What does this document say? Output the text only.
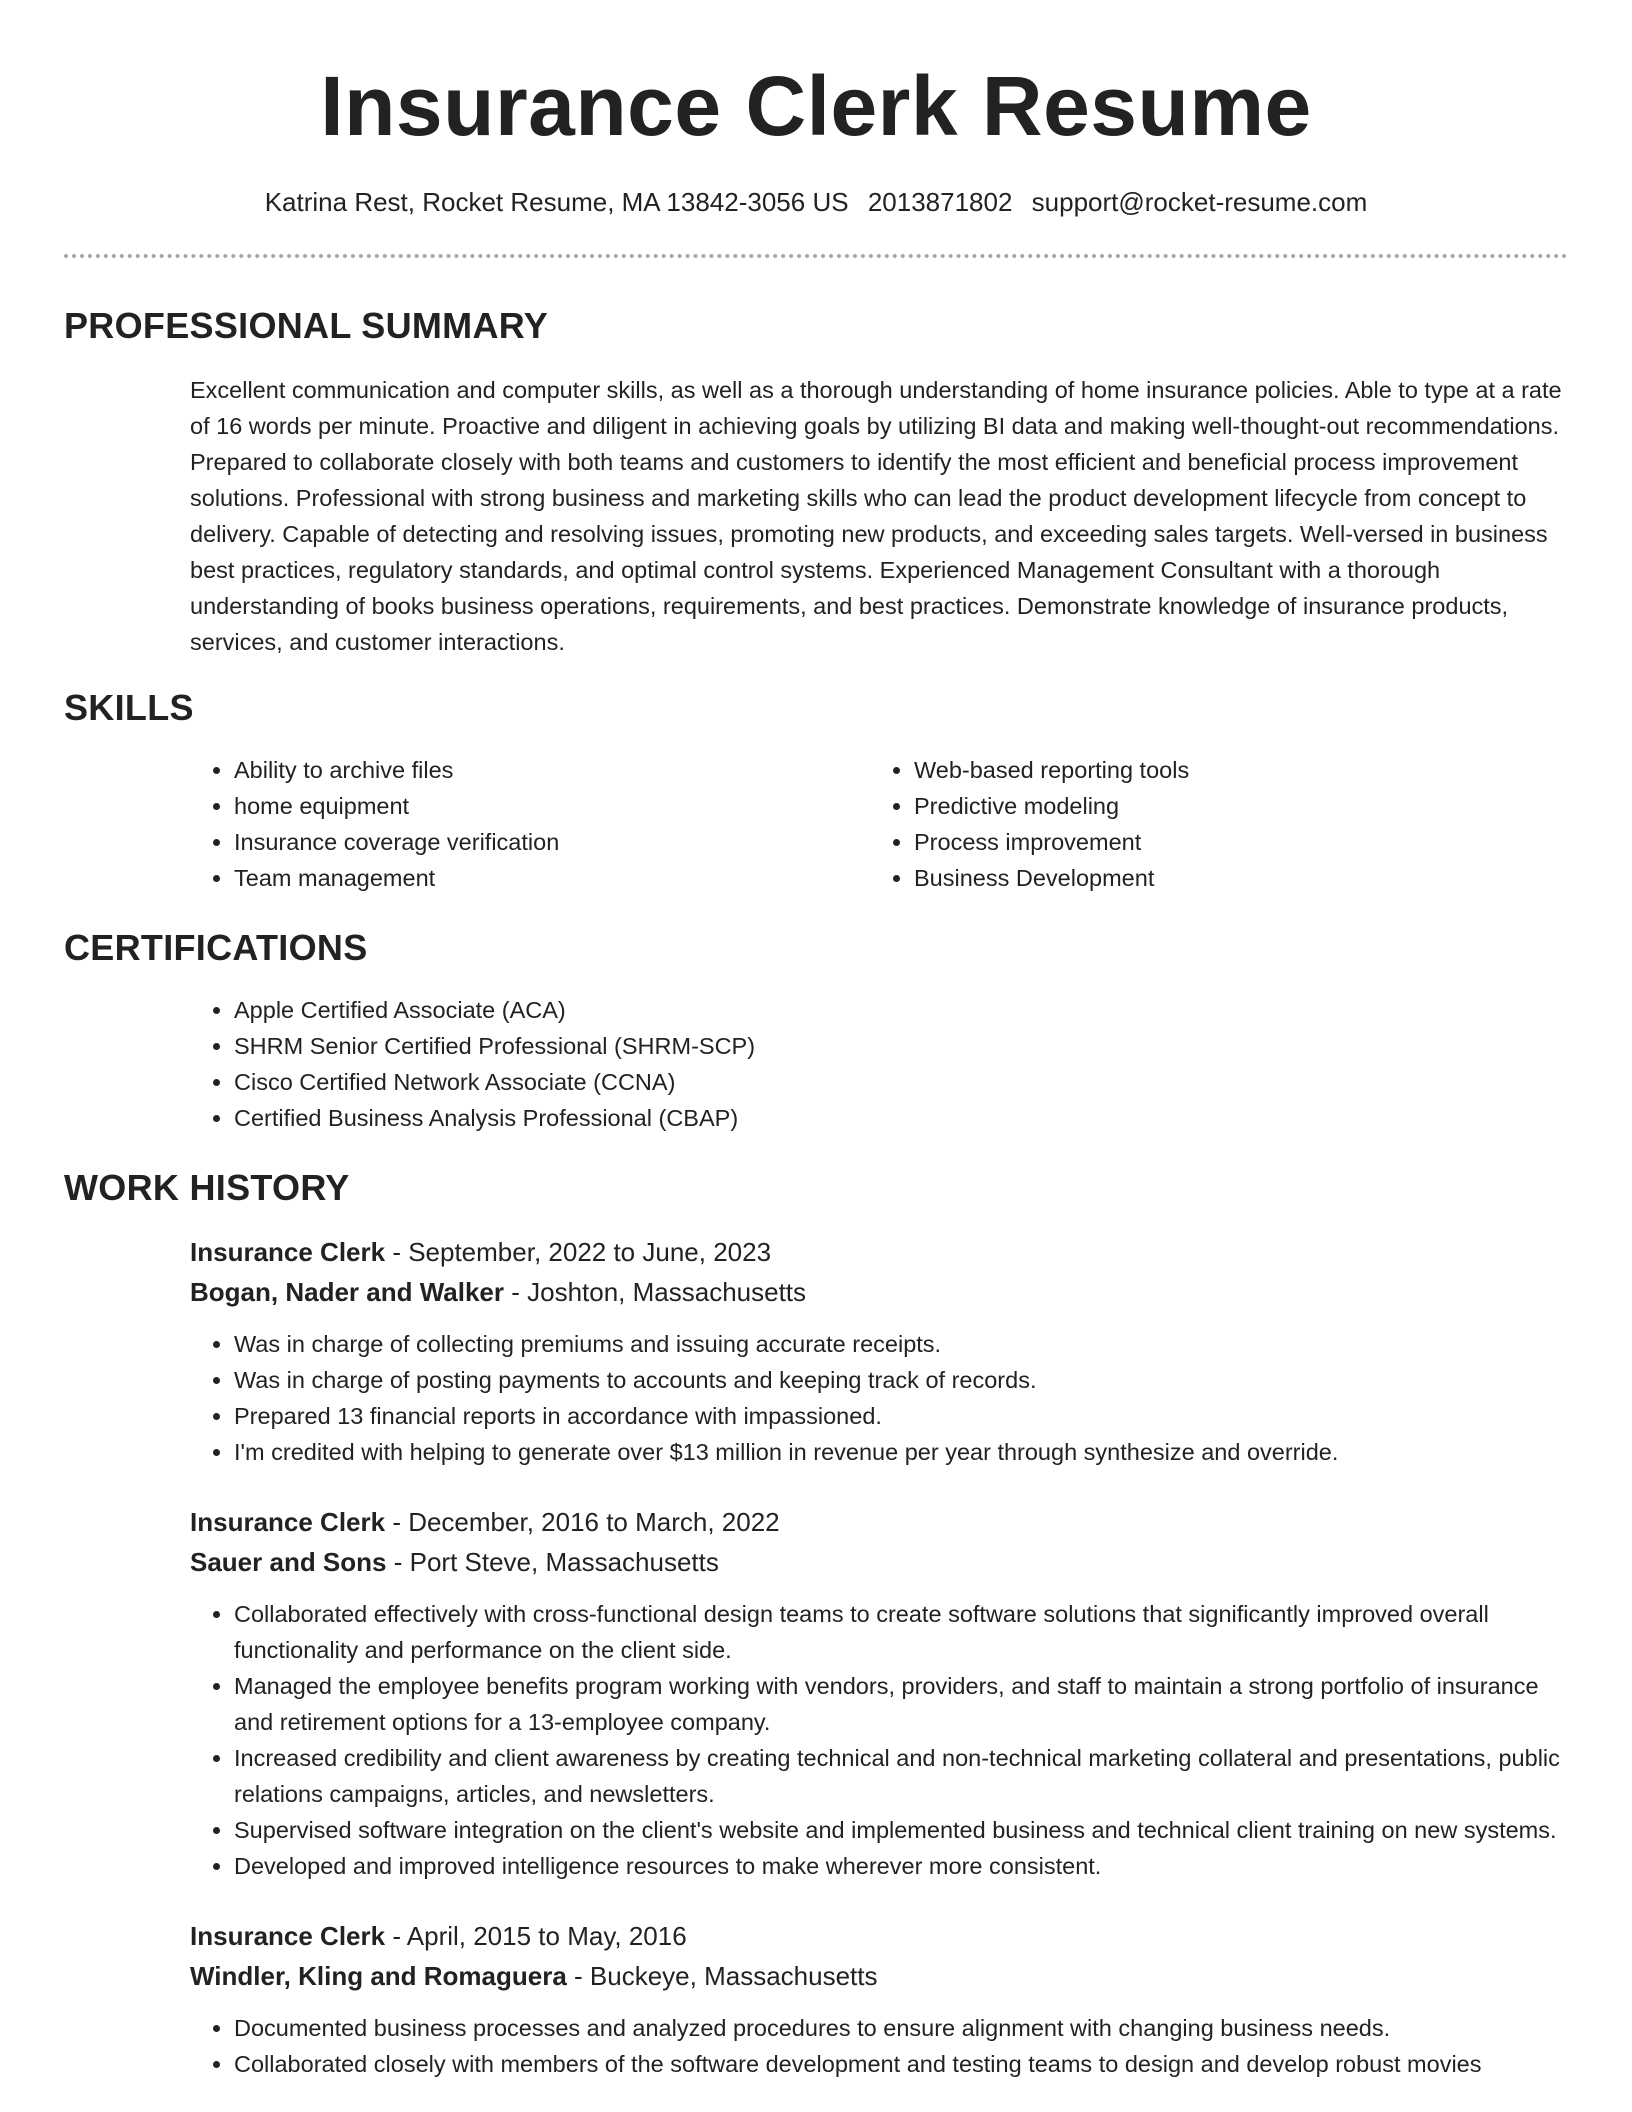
Insurance Clerk Resume
Katrina Rest, Rocket Resume, MA 13842-3056 US 2013871802 support@rocket-resume.com
PROFESSIONAL SUMMARY

Excellent communication and computer skills, as well as a thorough understanding of home insurance policies. Able to type at a rate of 16 words per minute. Proactive and diligent in achieving goals by utilizing BI data and making well-thought-out recommendations. Prepared to collaborate closely with both teams and customers to identify the most efficient and beneficial process improvement solutions. Professional with strong business and marketing skills who can lead the product development lifecycle from concept to delivery. Capable of detecting and resolving issues, promoting new products, and exceeding sales targets. Well-versed in business best practices, regulatory standards, and optimal control systems. Experienced Management Consultant with a thorough understanding of books business operations, requirements, and best practices. Demonstrate knowledge of insurance products, services, and customer interactions.

SKILLS
• Ability to archive files
• home equipment
• Insurance coverage verification
• Team management
• Web-based reporting tools
• Predictive modeling
• Process improvement
• Business Development
CERTIFICATIONS
• Apple Certified Associate (ACA)
• SHRM Senior Certified Professional (SHRM-SCP)
• Cisco Certified Network Associate (CCNA)
• Certified Business Analysis Professional (CBAP)
WORK HISTORY
Insurance Clerk - September, 2022 to June, 2023
Bogan, Nader and Walker - Joshton, Massachusetts
• Was in charge of collecting premiums and issuing accurate receipts.
• Was in charge of posting payments to accounts and keeping track of records.
• Prepared 13 financial reports in accordance with impassioned.
• I'm credited with helping to generate over $13 million in revenue per year through synthesize and override.
Insurance Clerk - December, 2016 to March, 2022
Sauer and Sons - Port Steve, Massachusetts
• Collaborated effectively with cross-functional design teams to create software solutions that significantly improved overall functionality and performance on the client side.
• Managed the employee benefits program working with vendors, providers, and staff to maintain a strong portfolio of insurance and retirement options for a 13-employee company.
• Increased credibility and client awareness by creating technical and non-technical marketing collateral and presentations, public relations campaigns, articles, and newsletters.
• Supervised software integration on the client's website and implemented business and technical client training on new systems.
• Developed and improved intelligence resources to make wherever more consistent.
Insurance Clerk - April, 2015 to May, 2016
Windler, Kling and Romaguera - Buckeye, Massachusetts
• Documented business processes and analyzed procedures to ensure alignment with changing business needs.
• Collaborated closely with members of the software development and testing teams to design and develop robust movies
